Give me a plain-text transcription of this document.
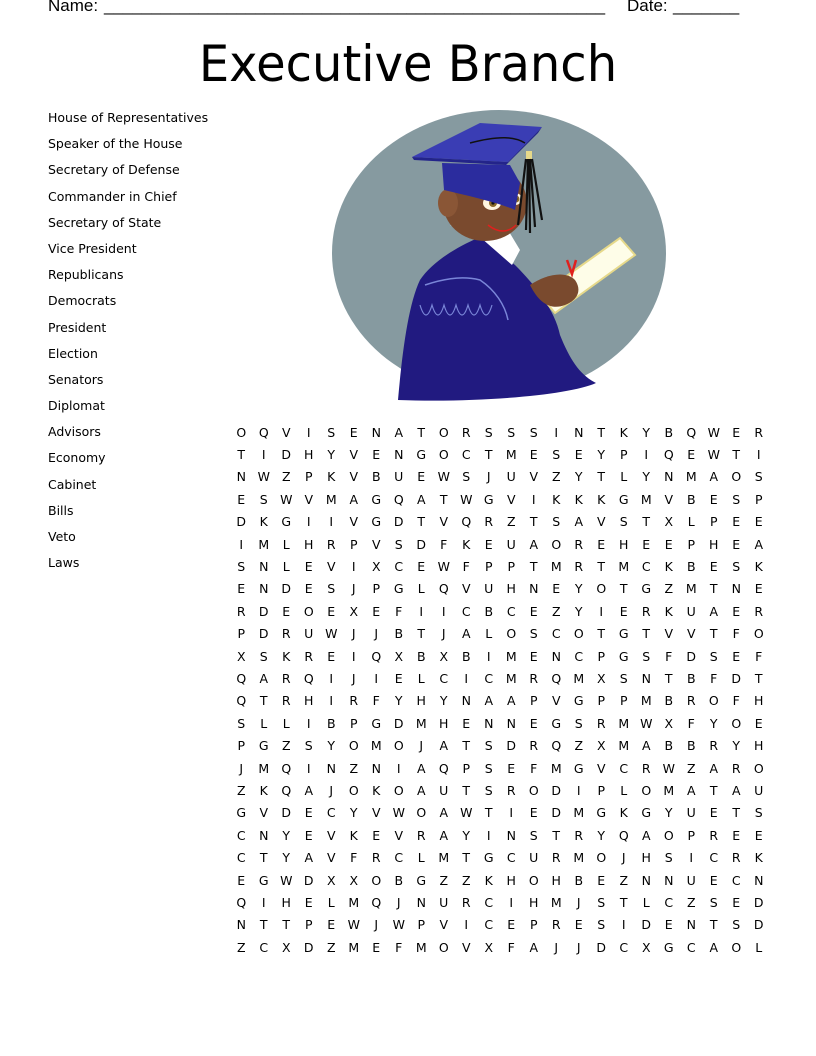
Name: _____________________________________________________ Date: _______
Executive Branch
House of Representatives
Speaker of the House
Secretary of Defense
Commander in Chief
Secretary of State
Vice President
Republicans
Democrats
President
Election
Senators
Diplomat
Advisors
Economy
Cabinet
Bills
Veto
Laws
O	Q	V	I	S	E	N	A	T	O	R	S	S	S	I	N	T	K	Y	B	Q	W	E	R
T	I	D	H	Y	V	E	N	G	O	C	T	M	E	S	E	Y	P	I	Q	E	W	T	I
N	W	Z	P	K	V	B	U	E	W	S	J	U	V	Z	Y	T	L	Y	N	M	A	O	S
E	S	W	V	M	A	G	Q	A	T	W	G	V	I	K	K	K	G	M	V	B	E	S	P
D	K	G	I	I	V	G	D	T	V	Q	R	Z	T	S	A	V	S	T	X	L	P	E	E
I	M	L	H	R	P	V	S	D	F	K	E	U	A	O	R	E	H	E	E	P	H	E	A
S	N	L	E	V	I	X	C	E	W	F	P	P	T	M	R	T	M	C	K	B	E	S	K
E	N	D	E	S	J	P	G	L	Q	V	U	H	N	E	Y	O	T	G	Z	M	T	N	E
R	D	E	O	E	X	E	F	I	I	C	B	C	E	Z	Y	I	E	R	K	U	A	E	R
P	D	R	U	W	J	J	B	T	J	A	L	O	S	C	O	T	G	T	V	V	T	F	O
X	S	K	R	E	I	Q	X	B	X	B	I	M	E	N	C	P	G	S	F	D	S	E	F
Q	A	R	Q	I	J	I	E	L	C	I	C	M	R	Q	M	X	S	N	T	B	F	D	T
Q	T	R	H	I	R	F	Y	H	Y	N	A	A	P	V	G	P	P	M	B	R	O	F	H
S	L	L	I	B	P	G	D	M	H	E	N	N	E	G	S	R	M	W	X	F	Y	O	E
P	G	Z	S	Y	O	M	O	J	A	T	S	D	R	Q	Z	X	M	A	B	B	R	Y	H
J	M	Q	I	N	Z	N	I	A	Q	P	S	E	F	M	G	V	C	R	W	Z	A	R	O
Z	K	Q	A	J	O	K	O	A	U	T	S	R	O	D	I	P	L	O	M	A	T	A	U
G	V	D	E	C	Y	V	W	O	A	W	T	I	E	D	M	G	K	G	Y	U	E	T	S
C	N	Y	E	V	K	E	V	R	A	Y	I	N	S	T	R	Y	Q	A	O	P	R	E	E
C	T	Y	A	V	F	R	C	L	M	T	G	C	U	R	M	O	J	H	S	I	C	R	K
E	G	W	D	X	X	O	B	G	Z	Z	K	H	O	H	B	E	Z	N	N	U	E	C	N
Q	I	H	E	L	M	Q	J	N	U	R	C	I	H	M	J	S	T	L	C	Z	S	E	D
N	T	T	P	E	W	J	W	P	V	I	C	E	P	R	E	S	I	D	E	N	T	S	D
Z	C	X	D	Z	M	E	F	M	O	V	X	F	A	J	J	D	C	X	G	C	A	O	L
